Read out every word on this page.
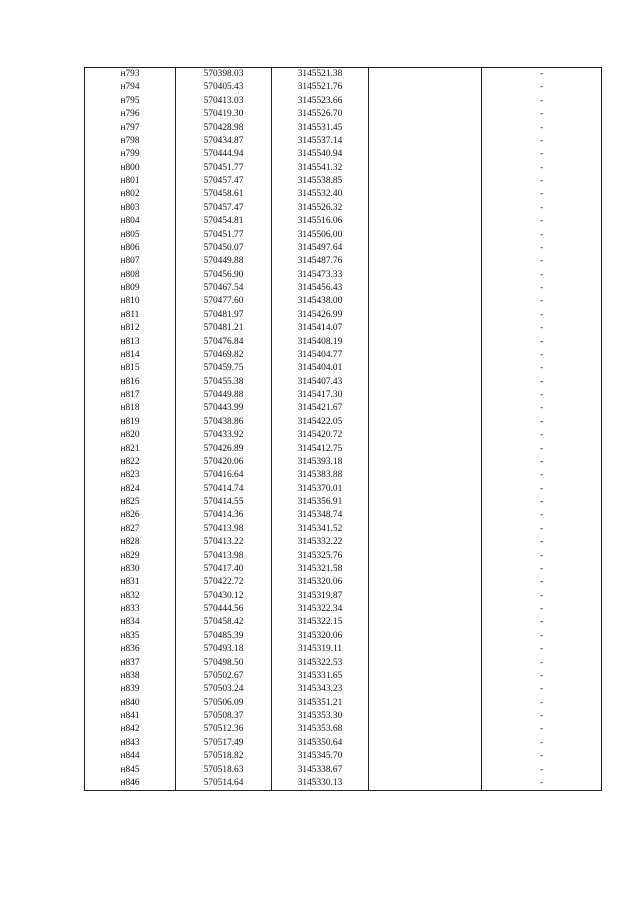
н793	570398.03	3145521.38		-
н794	570405.43	3145521.76		-
н795	570413.03	3145523.66		-
н796	570419.30	3145526.70		-
н797	570428.98	3145531.45		-
н798	570434.87	3145537.14		-
н799	570444.94	3145540.94		-
н800	570451.77	3145541.32		-
н801	570457.47	3145538.85		-
н802	570458.61	3145532.40		-
н803	570457.47	3145526.32		-
н804	570454.81	3145516.06		-
н805	570451.77	3145506.00		-
н806	570450.07	3145497.64		-
н807	570449.88	3145487.76		-
н808	570456.90	3145473.33		-
н809	570467.54	3145456.43		-
н810	570477.60	3145438.00		-
н811	570481.97	3145426.99		-
н812	570481.21	3145414.07		-
н813	570476.84	3145408.19		-
н814	570469.82	3145404.77		-
н815	570459.75	3145404.01		-
н816	570455.38	3145407.43		-
н817	570449.88	3145417.30		-
н818	570443.99	3145421.67		-
н819	570438.86	3145422.05		-
н820	570433.92	3145420.72		-
н821	570426.89	3145412.75		-
н822	570420.06	3145393.18		-
н823	570416.64	3145383.88		-
н824	570414.74	3145370.01		-
н825	570414.55	3145356.91		-
н826	570414.36	3145348.74		-
н827	570413.98	3145341.52		-
н828	570413.22	3145332.22		-
н829	570413.98	3145325.76		-
н830	570417.40	3145321.58		-
н831	570422.72	3145320.06		-
н832	570430.12	3145319.87		-
н833	570444.56	3145322.34		-
н834	570458.42	3145322.15		-
н835	570485.39	3145320.06		-
н836	570493.18	3145319.11		-
н837	570498.50	3145322.53		-
н838	570502.67	3145331.65		-
н839	570503.24	3145343.23		-
н840	570506.09	3145351.21		-
н841	570508.37	3145353.30		-
н842	570512.36	3145353.68		-
н843	570517.49	3145350.64		-
н844	570518.82	3145345.70		-
н845	570518.63	3145338.67		-
н846	570514.64	3145330.13		-
